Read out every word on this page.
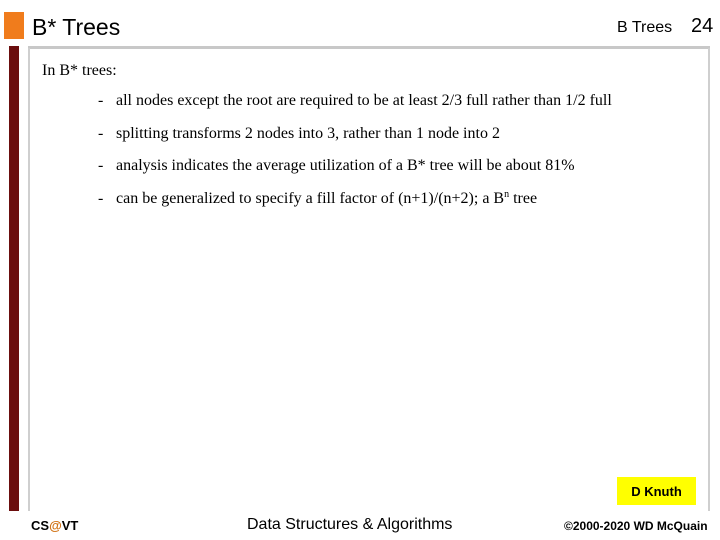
B* Trees	B Trees 24

In B* trees:

- all nodes except the root are required to be at least 2/3 full rather than 1/2 full
- splitting transforms 2 nodes into 3, rather than 1 node into 2
- analysis indicates the average utilization of a B* tree will be about 81%
- can be generalized to specify a fill factor of (n+1)/(n+2); a $B^n$ tree
D Knuth
CS@VT	Data Structures & Algorithms	©2000-2020 WD McQuain
